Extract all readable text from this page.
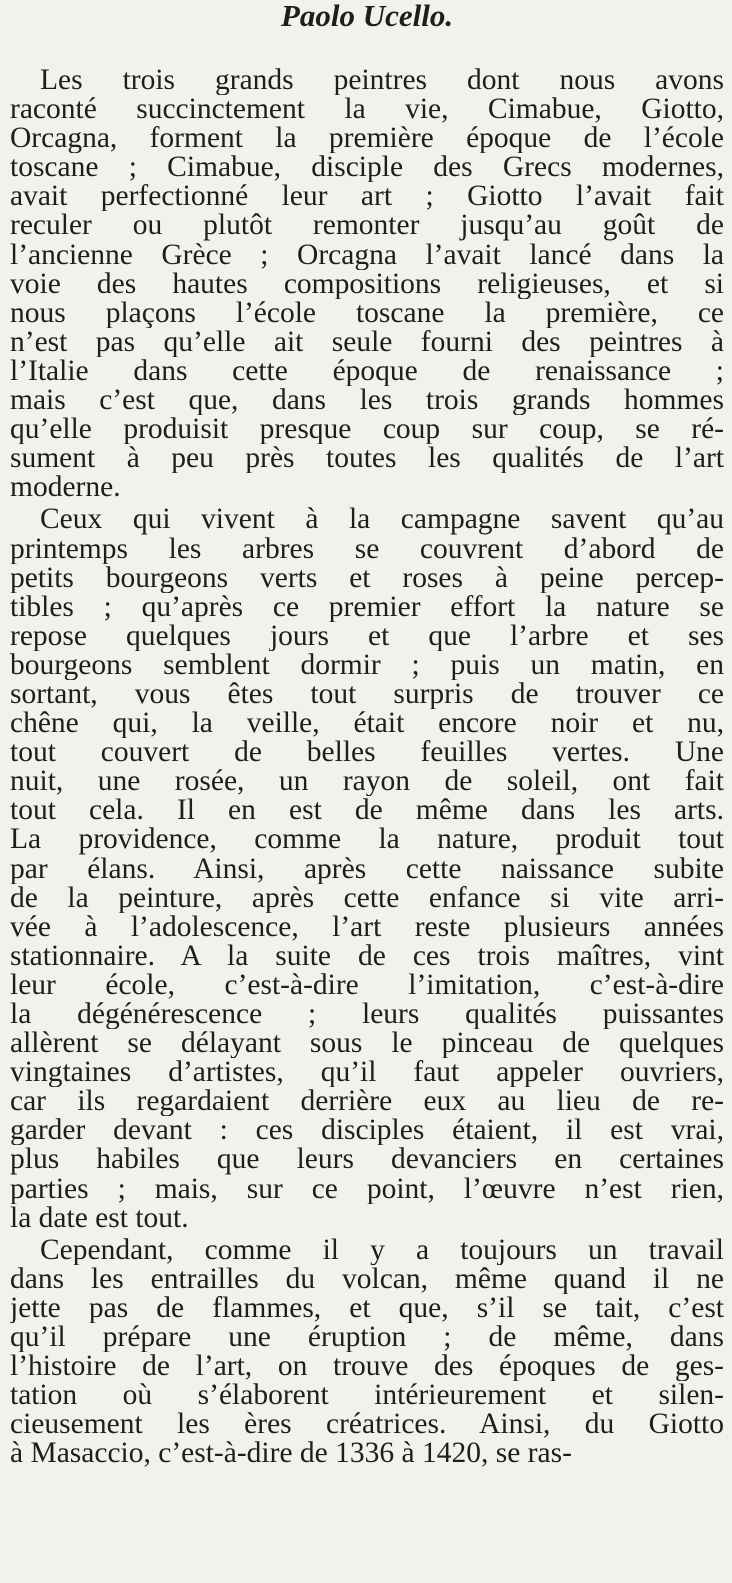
Paolo Ucello.
Les trois grands peintres dont nous avons
raconté succinctement la vie, Cimabue, Giotto,
Orcagna, forment la première époque de l’école
toscane ; Cimabue, disciple des Grecs modernes,
avait perfectionné leur art ; Giotto l’avait fait
reculer ou plutôt remonter jusqu’au goût de
l’ancienne Grèce ; Orcagna l’avait lancé dans la
voie des hautes compositions religieuses, et si
nous plaçons l’école toscane la première, ce
n’est pas qu’elle ait seule fourni des peintres à
l’Italie dans cette époque de renaissance ;
mais c’est que, dans les trois grands hommes
qu’elle produisit presque coup sur coup, se ré-
sument à peu près toutes les qualités de l’art
moderne.
Ceux qui vivent à la campagne savent qu’au
printemps les arbres se couvrent d’abord de
petits bourgeons verts et roses à peine percep-
tibles ; qu’après ce premier effort la nature se
repose quelques jours et que l’arbre et ses
bourgeons semblent dormir ; puis un matin, en
sortant, vous êtes tout surpris de trouver ce
chêne qui, la veille, était encore noir et nu,
tout couvert de belles feuilles vertes. Une
nuit, une rosée, un rayon de soleil, ont fait
tout cela. Il en est de même dans les arts.
La providence, comme la nature, produit tout
par élans. Ainsi, après cette naissance subite
de la peinture, après cette enfance si vite arri-
vée à l’adolescence, l’art reste plusieurs années
stationnaire. A la suite de ces trois maîtres, vint
leur école, c’est-à-dire l’imitation, c’est-à-dire
la dégénérescence ; leurs qualités puissantes
allèrent se délayant sous le pinceau de quelques
vingtaines d’artistes, qu’il faut appeler ouvriers,
car ils regardaient derrière eux au lieu de re-
garder devant : ces disciples étaient, il est vrai,
plus habiles que leurs devanciers en certaines
parties ; mais, sur ce point, l’œuvre n’est rien,
la date est tout.
Cependant, comme il y a toujours un travail
dans les entrailles du volcan, même quand il ne
jette pas de flammes, et que, s’il se tait, c’est
qu’il prépare une éruption ; de même, dans
l’histoire de l’art, on trouve des époques de ges-
tation où s’élaborent intérieurement et silen-
cieusement les ères créatrices. Ainsi, du Giotto
à Masaccio, c’est-à-dire de 1336 à 1420, se ras-
